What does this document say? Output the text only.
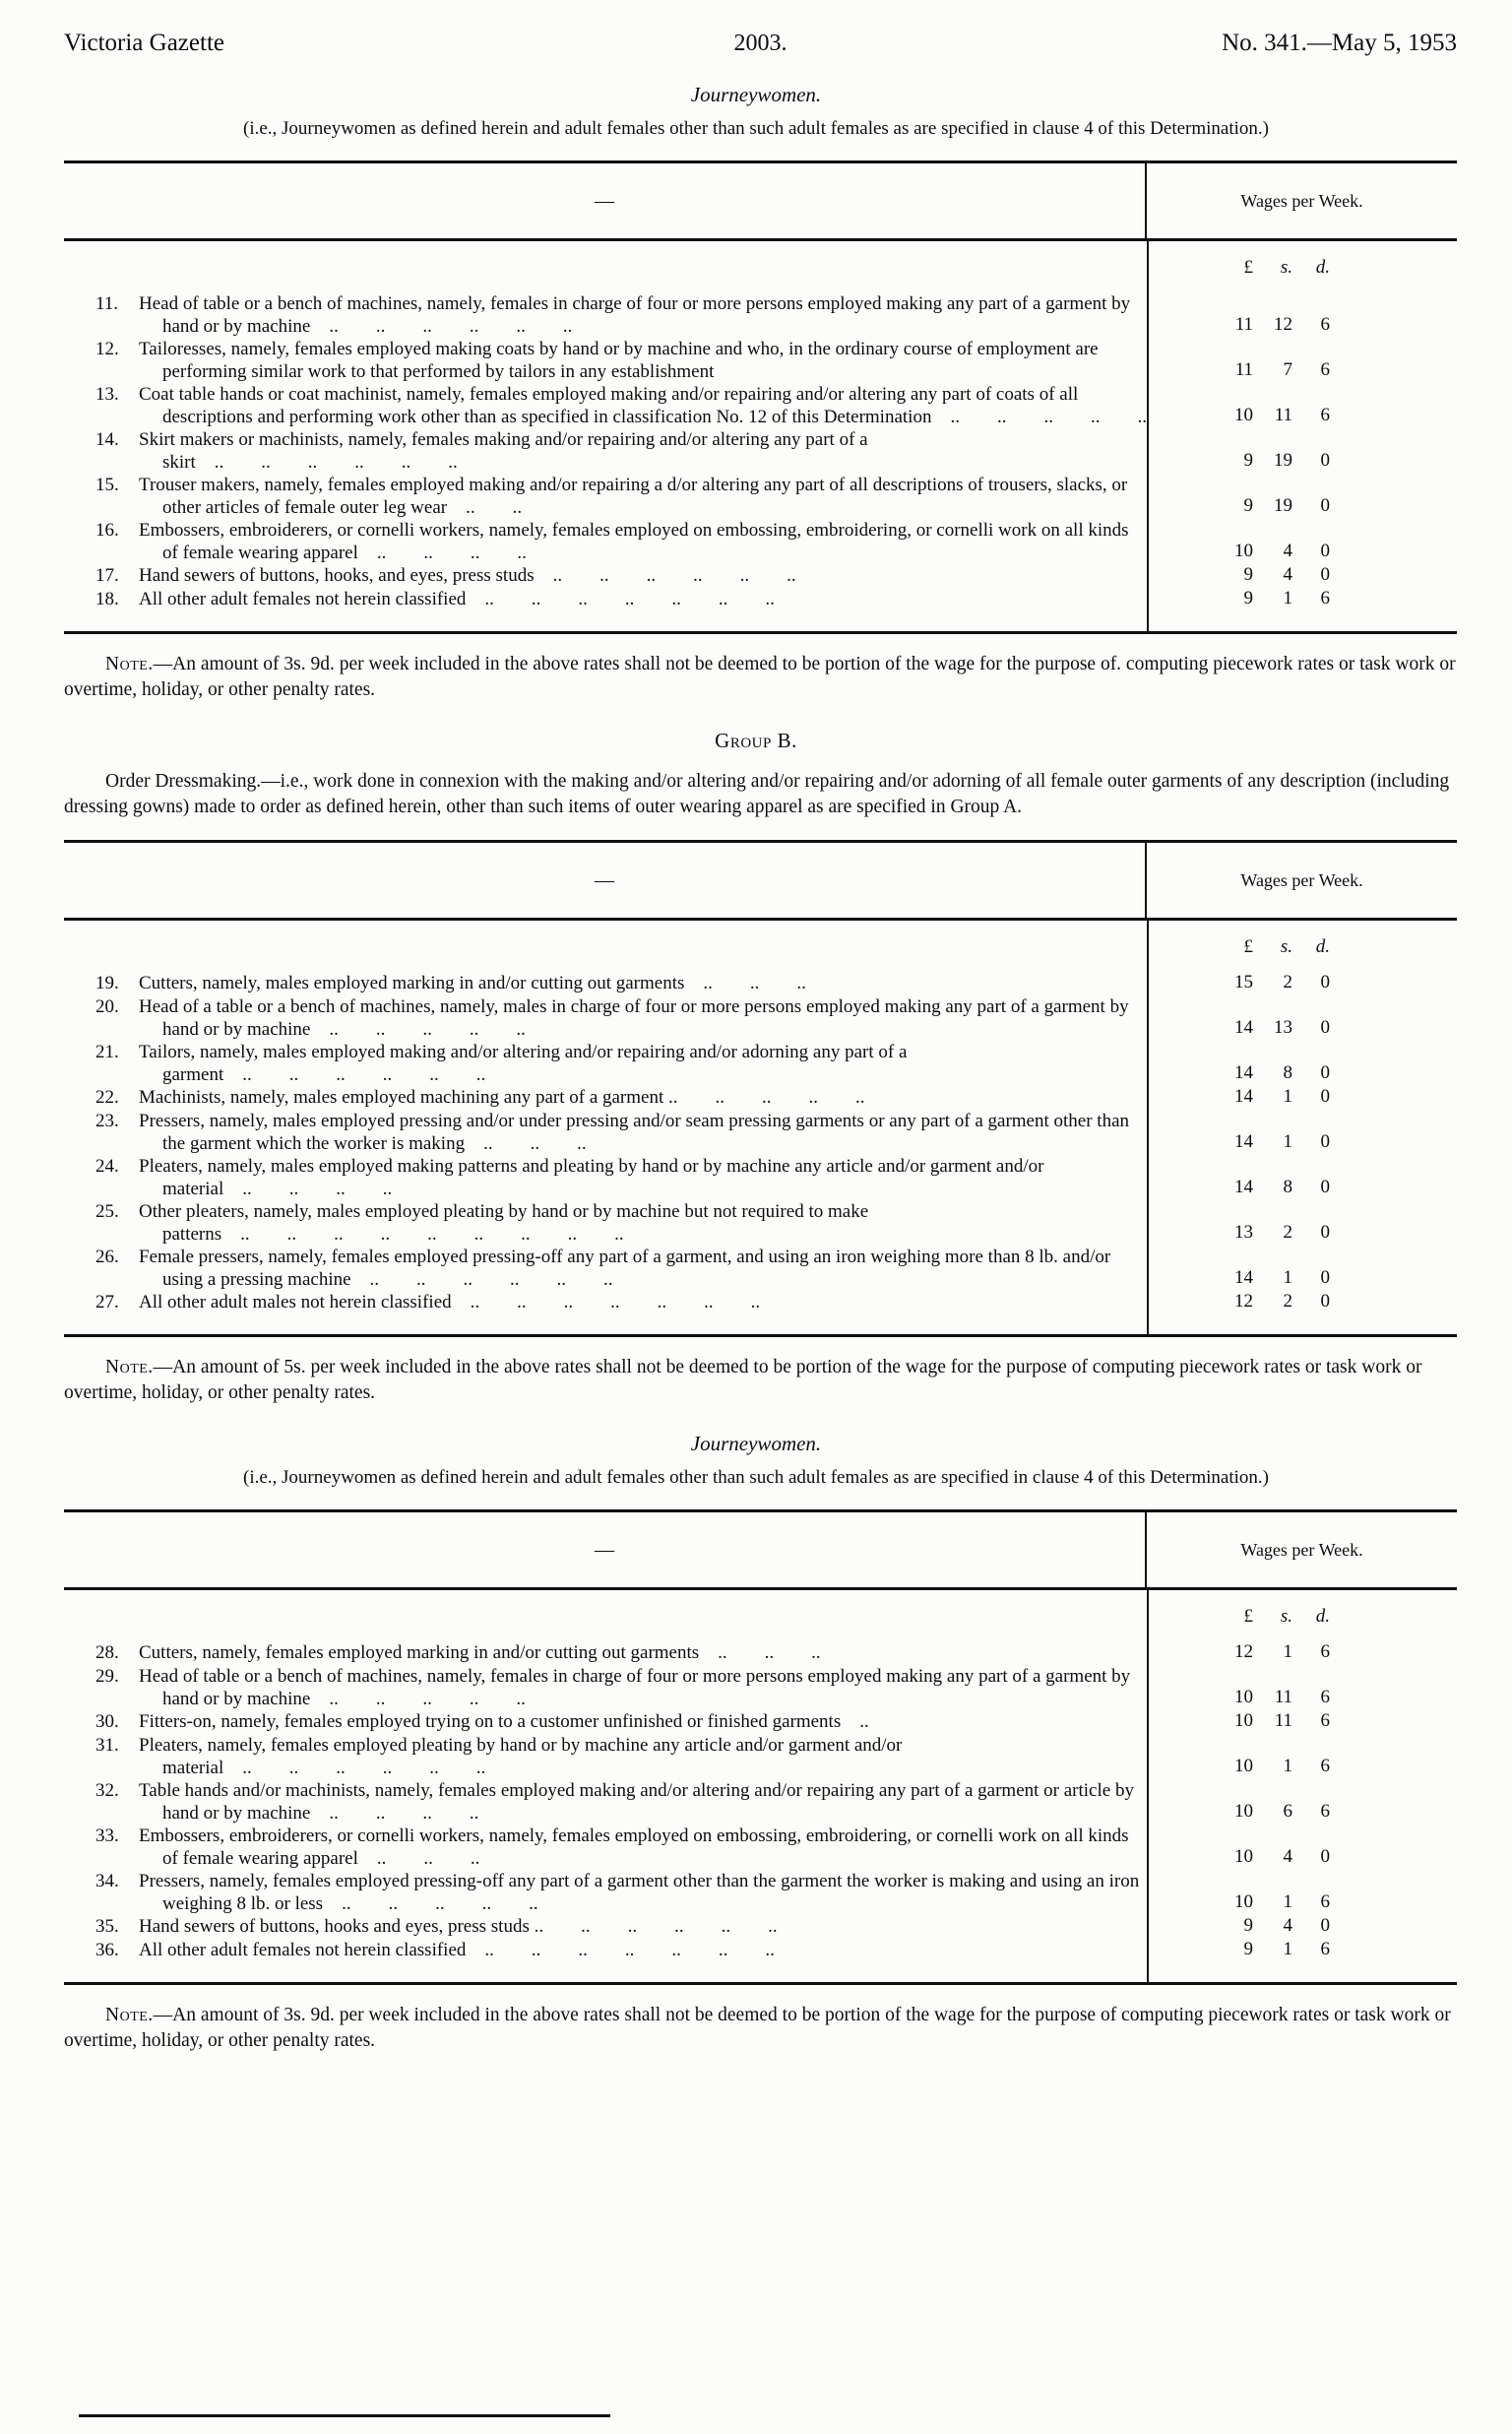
Victoria Gazette	2003.	No. 341.—May 5, 1953
Journeywomen.
(i.e., Journeywomen as defined herein and adult females other than such adult females as are specified in clause 4 of this Determination.)
—	Wages per Week.
£	s.	d.
11. Head of table or a bench of machines, namely, females in charge of four or more persons employed making any part of a garment by hand or by machine ..  ..  ..  ..  ..  ..	11	12	6
12. Tailoresses, namely, females employed making coats by hand or by machine and who, in the ordinary course of employment are performing similar work to that performed by tailors in any establishment	11	7	6
13. Coat table hands or coat machinist, namely, females employed making and/or repairing and/or altering any part of coats of all descriptions and performing work other than as specified in classification No. 12 of this Determination ..  ..  ..  ..  ..	10	11	6
14. Skirt makers or machinists, namely, females making and/or repairing and/or altering any part of a skirt ..  ..  ..  ..  ..  ..	9	19	0
15. Trouser makers, namely, females employed making and/or repairing a d/or altering any part of all descriptions of trousers, slacks, or other articles of female outer leg wear ..  ..	9	19	0
16. Embossers, embroiderers, or cornelli workers, namely, females employed on embossing, embroidering, or cornelli work on all kinds of female wearing apparel ..  ..  ..  ..	10	4	0
17. Hand sewers of buttons, hooks, and eyes, press studs ..  ..  ..  ..  ..  ..	9	4	0
18. All other adult females not herein classified ..  ..  ..  ..  ..  ..  ..	9	1	6
Note.—An amount of 3s. 9d. per week included in the above rates shall not be deemed to be portion of the wage for the purpose of. computing piecework rates or task work or overtime, holiday, or other penalty rates.
Group B.
Order Dressmaking.—i.e., work done in connexion with the making and/or altering and/or repairing and/or adorning of all female outer garments of any description (including dressing gowns) made to order as defined herein, other than such items of outer wearing apparel as are specified in Group A.
—	Wages per Week.
£	s.	d.
19. Cutters, namely, males employed marking in and/or cutting out garments ..  ..  ..	15	2	0
20. Head of a table or a bench of machines, namely, males in charge of four or more persons employed making any part of a garment by hand or by machine ..  ..  ..  ..  ..	14	13	0
21. Tailors, namely, males employed making and/or altering and/or repairing and/or adorning any part of a garment ..  ..  ..  ..  ..  ..	14	8	0
22. Machinists, namely, males employed machining any part of a garment ..  ..  ..  ..  ..	14	1	0
23. Pressers, namely, males employed pressing and/or under pressing and/or seam pressing garments or any part of a garment other than the garment which the worker is making ..  ..  ..	14	1	0
24. Pleaters, namely, males employed making patterns and pleating by hand or by machine any article and/or garment and/or material ..  ..  ..  ..	14	8	0
25. Other pleaters, namely, males employed pleating by hand or by machine but not required to make patterns ..  ..  ..  ..  ..  ..  ..  ..  ..	13	2	0
26. Female pressers, namely, females employed pressing-off any part of a garment, and using an iron weighing more than 8 lb. and/or using a pressing machine ..  ..  ..  ..  ..  ..	14	1	0
27. All other adult males not herein classified ..  ..  ..  ..  ..  ..  ..	12	2	0
Note.—An amount of 5s. per week included in the above rates shall not be deemed to be portion of the wage for the purpose of computing piecework rates or task work or overtime, holiday, or other penalty rates.
Journeywomen.
(i.e., Journeywomen as defined herein and adult females other than such adult females as are specified in clause 4 of this Determination.)
—	Wages per Week.
£	s.	d.
28. Cutters, namely, females employed marking in and/or cutting out garments ..  ..  ..	12	1	6
29. Head of table or a bench of machines, namely, females in charge of four or more persons employed making any part of a garment by hand or by machine ..  ..  ..  ..  ..	10	11	6
30. Fitters-on, namely, females employed trying on to a customer unfinished or finished garments ..	10	11	6
31. Pleaters, namely, females employed pleating by hand or by machine any article and/or garment and/or material ..  ..  ..  ..  ..  ..	10	1	6
32. Table hands and/or machinists, namely, females employed making and/or altering and/or repairing any part of a garment or article by hand or by machine ..  ..  ..  ..	10	6	6
33. Embossers, embroiderers, or cornelli workers, namely, females employed on embossing, embroidering, or cornelli work on all kinds of female wearing apparel ..  ..  ..	10	4	0
34. Pressers, namely, females employed pressing-off any part of a garment other than the garment the worker is making and using an iron weighing 8 lb. or less ..  ..  ..  ..  ..	10	1	6
35. Hand sewers of buttons, hooks and eyes, press studs ..  ..  ..  ..  ..  ..	9	4	0
36. All other adult females not herein classified ..  ..  ..  ..  ..  ..  ..	9	1	6
Note.—An amount of 3s. 9d. per week included in the above rates shall not be deemed to be portion of the wage for the purpose of computing piecework rates or task work or overtime, holiday, or other penalty rates.
